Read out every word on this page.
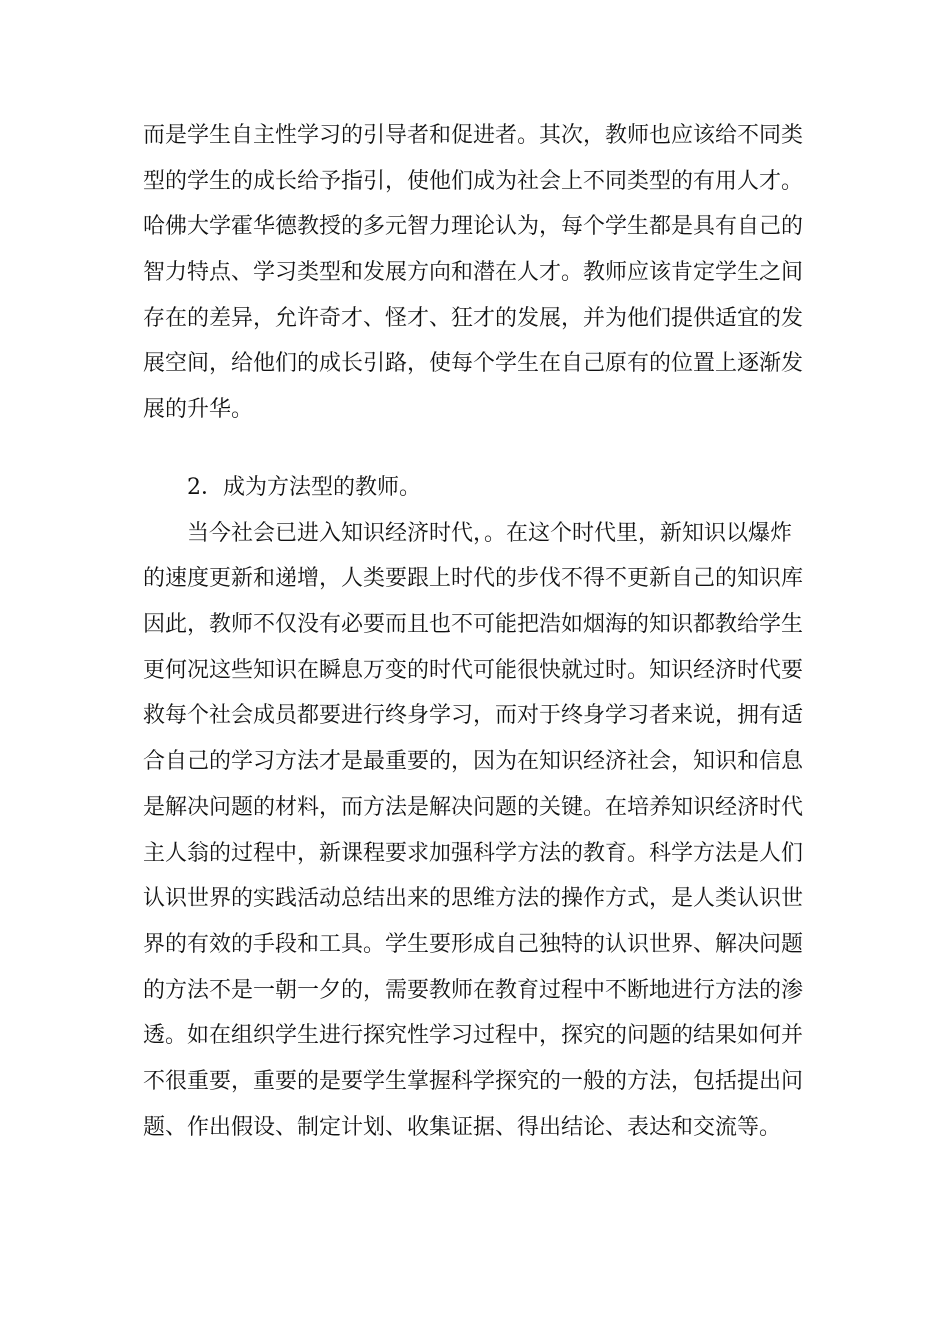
而是学生自主性学习的引导者和促进者。其次，教师也应该给不同类
型的学生的成长给予指引，使他们成为社会上不同类型的有用人才。
哈佛大学霍华德教授的多元智力理论认为，每个学生都是具有自己的
智力特点、学习类型和发展方向和潜在人才。教师应该肯定学生之间
存在的差异，允许奇才、怪才、狂才的发展，并为他们提供适宜的发
展空间，给他们的成长引路，使每个学生在自己原有的位置上逐渐发
展的升华。
2．成为方法型的教师。
当今社会已进入知识经济时代，。在这个时代里，新知识以爆炸
的速度更新和递增，人类要跟上时代的步伐不得不更新自己的知识库
因此，教师不仅没有必要而且也不可能把浩如烟海的知识都教给学生
更何况这些知识在瞬息万变的时代可能很快就过时。知识经济时代要
救每个社会成员都要进行终身学习，而对于终身学习者来说，拥有适
合自己的学习方法才是最重要的，因为在知识经济社会，知识和信息
是解决问题的材料，而方法是解决问题的关键。在培养知识经济时代
主人翁的过程中，新课程要求加强科学方法的教育。科学方法是人们
认识世界的实践活动总结出来的思维方法的操作方式，是人类认识世
界的有效的手段和工具。学生要形成自己独特的认识世界、解决问题
的方法不是一朝一夕的，需要教师在教育过程中不断地进行方法的渗
透。如在组织学生进行探究性学习过程中，探究的问题的结果如何并
不很重要，重要的是要学生掌握科学探究的一般的方法，包括提出问
题、作出假设、制定计划、收集证据、得出结论、表达和交流等。
